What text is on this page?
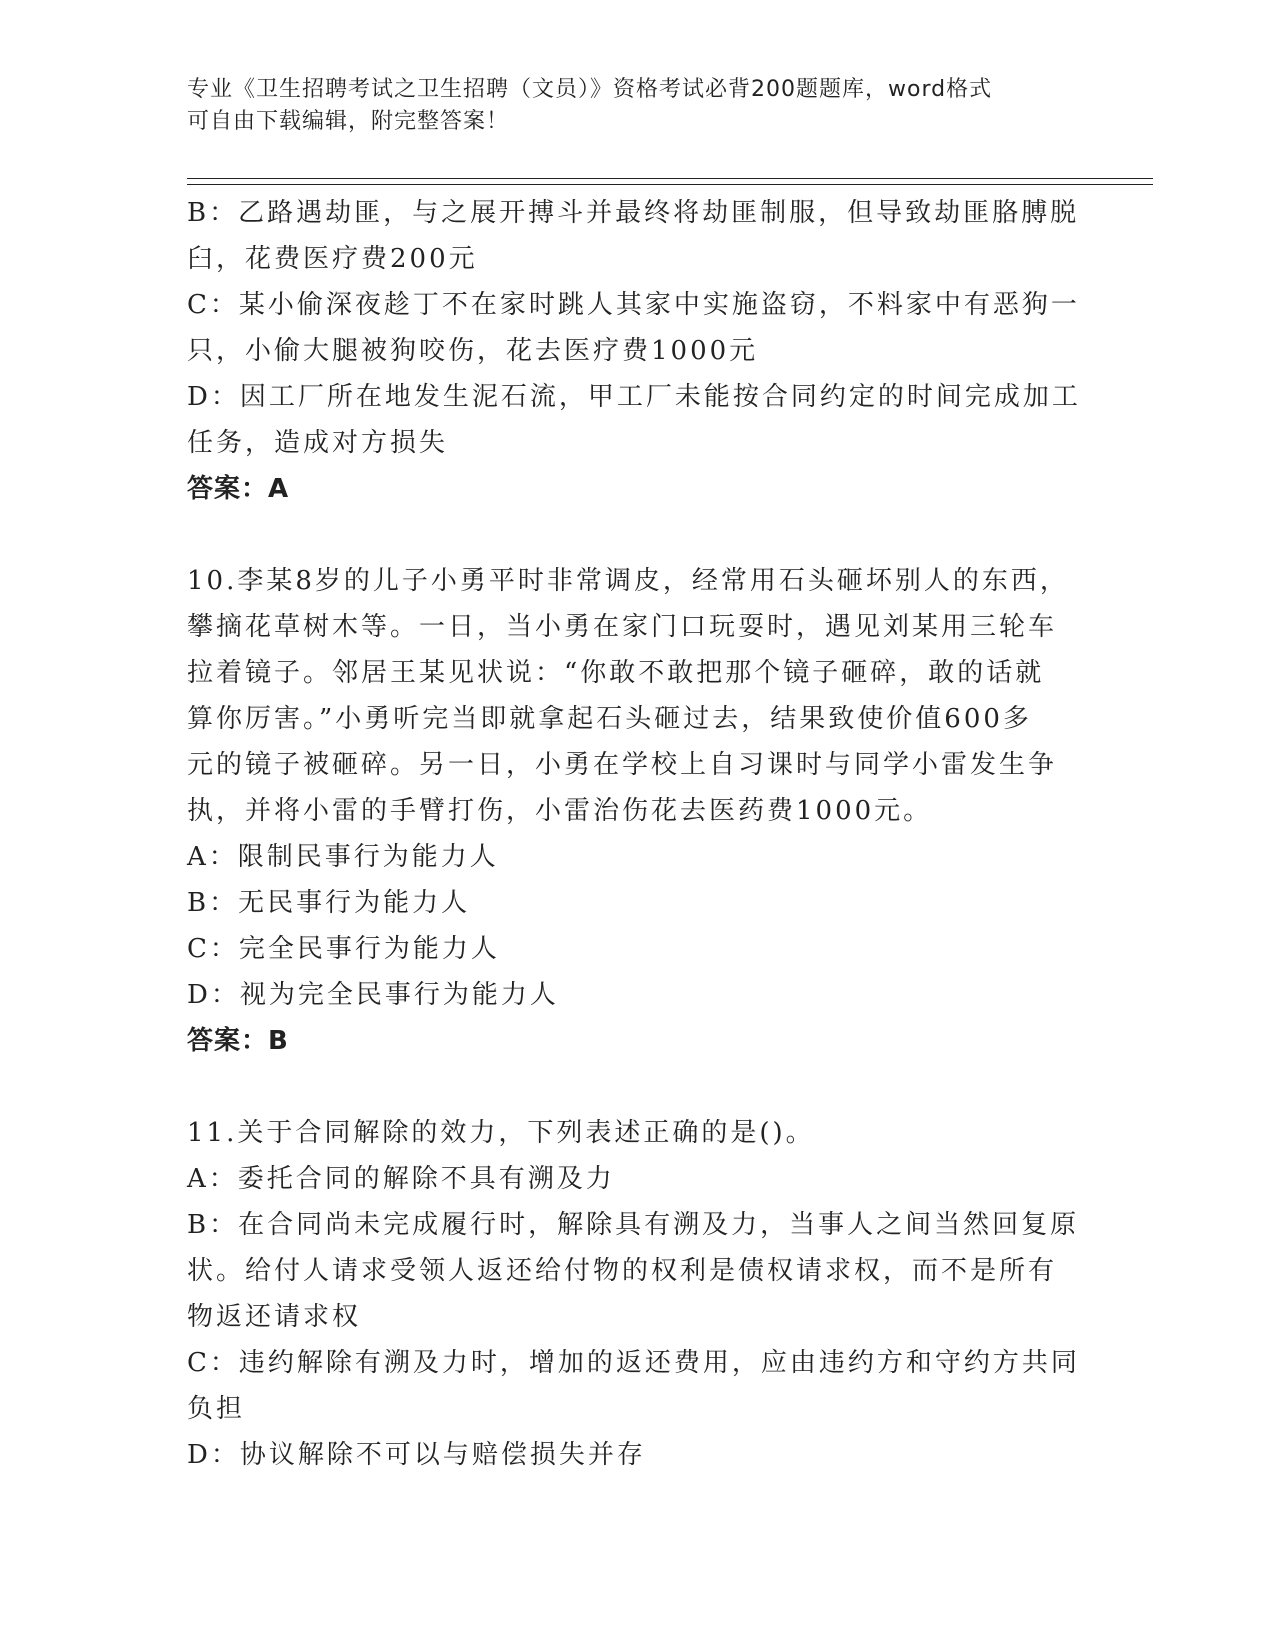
专业《卫生招聘考试之卫生招聘（文员）》资格考试必背200题题库，word格式
可自由下载编辑，附完整答案！

B：乙路遇劫匪，与之展开搏斗并最终将劫匪制服，但导致劫匪胳膊脱

臼，花费医疗费200元

C：某小偷深夜趁丁不在家时跳人其家中实施盗窃，不料家中有恶狗一

只，小偷大腿被狗咬伤，花去医疗费1000元

D：因工厂所在地发生泥石流，甲工厂未能按合同约定的时间完成加工

任务，造成对方损失

答案：A

10.李某8岁的儿子小勇平时非常调皮，经常用石头砸坏别人的东西，

攀摘花草树木等。一日，当小勇在家门口玩耍时，遇见刘某用三轮车

拉着镜子。邻居王某见状说：“你敢不敢把那个镜子砸碎，敢的话就

算你厉害。”小勇听完当即就拿起石头砸过去，结果致使价值600多

元的镜子被砸碎。另一日，小勇在学校上自习课时与同学小雷发生争

执，并将小雷的手臂打伤，小雷治伤花去医药费1000元。

A：限制民事行为能力人

B：无民事行为能力人

C：完全民事行为能力人

D：视为完全民事行为能力人

答案：B

11.关于合同解除的效力，下列表述正确的是()。

A：委托合同的解除不具有溯及力

B：在合同尚未完成履行时，解除具有溯及力，当事人之间当然回复原

状。给付人请求受领人返还给付物的权利是债权请求权，而不是所有

物返还请求权

C：违约解除有溯及力时，增加的返还费用，应由违约方和守约方共同

负担

D：协议解除不可以与赔偿损失并存
